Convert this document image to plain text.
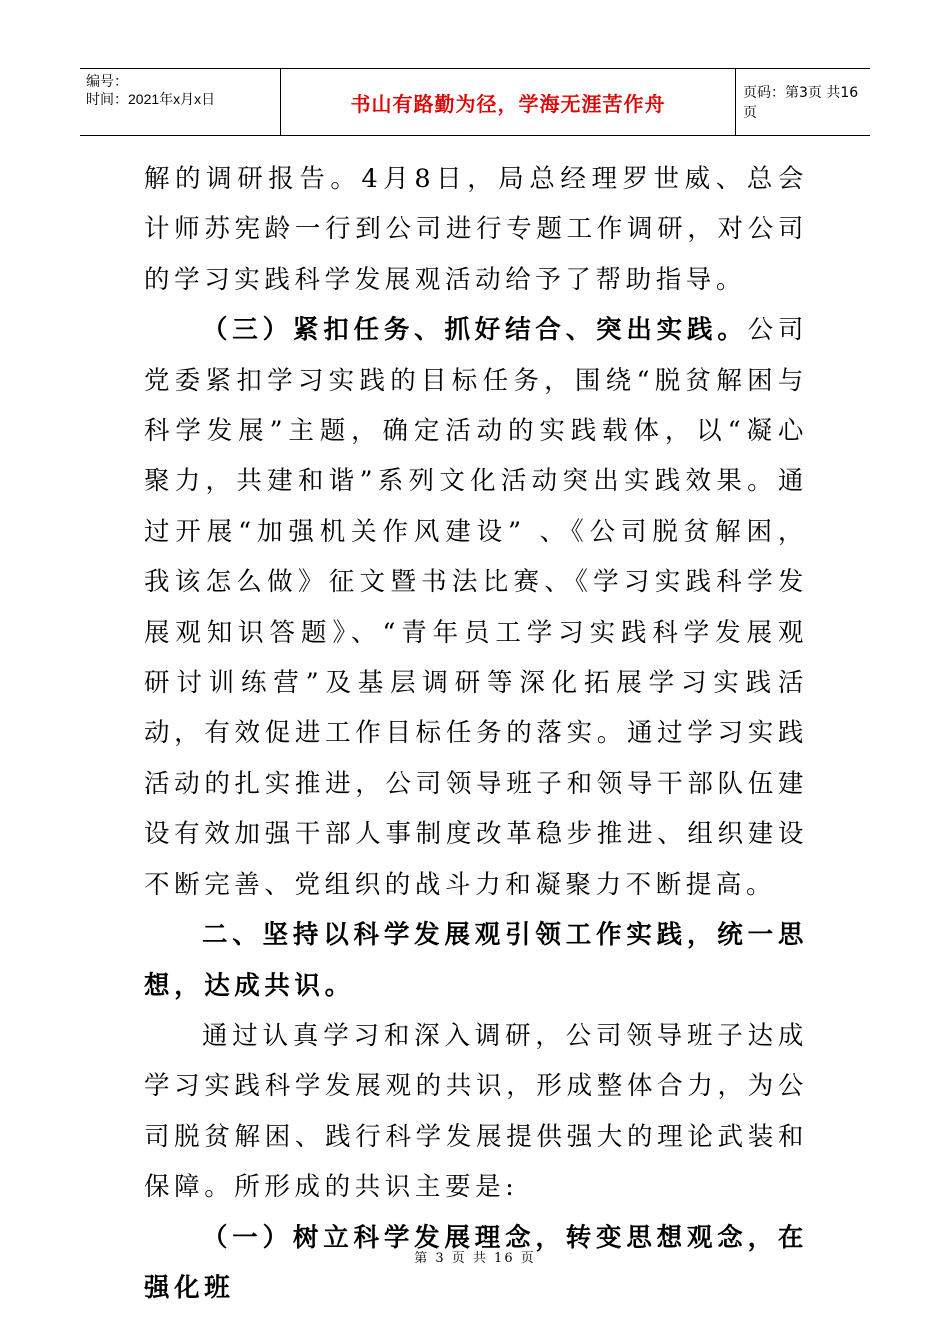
编号：
时间：2021年x月x日	书山有路勤为径，学海无涯苦作舟	页码：第3页 共16页

解的调研报告。4月8日，局总经理罗世威、总会计师苏宪龄一行到公司进行专题工作调研，对公司的学习实践科学发展观活动给予了帮助指导。

（三）紧扣任务、抓好结合、突出实践。公司党委紧扣学习实践的目标任务，围绕“脱贫解困与科学发展”主题，确定活动的实践载体，以“凝心聚力，共建和谐”系列文化活动突出实践效果。通过开展“加强机关作风建设” 、《公司脱贫解困，我该怎么做》征文暨书法比赛、《学习实践科学发展观知识答题》、“青年员工学习实践科学发展观研讨训练营”及基层调研等深化拓展学习实践活动，有效促进工作目标任务的落实。通过学习实践活动的扎实推进，公司领导班子和领导干部队伍建设有效加强干部人事制度改革稳步推进、组织建设不断完善、党组织的战斗力和凝聚力不断提高。

二、坚持以科学发展观引领工作实践，统一思想，达成共识。

通过认真学习和深入调研，公司领导班子达成学习实践科学发展观的共识，形成整体合力，为公司脱贫解困、践行科学发展提供强大的理论武装和保障。所形成的共识主要是:

（一）树立科学发展理念，转变思想观念，在强化班

第 3 页 共 16 页
